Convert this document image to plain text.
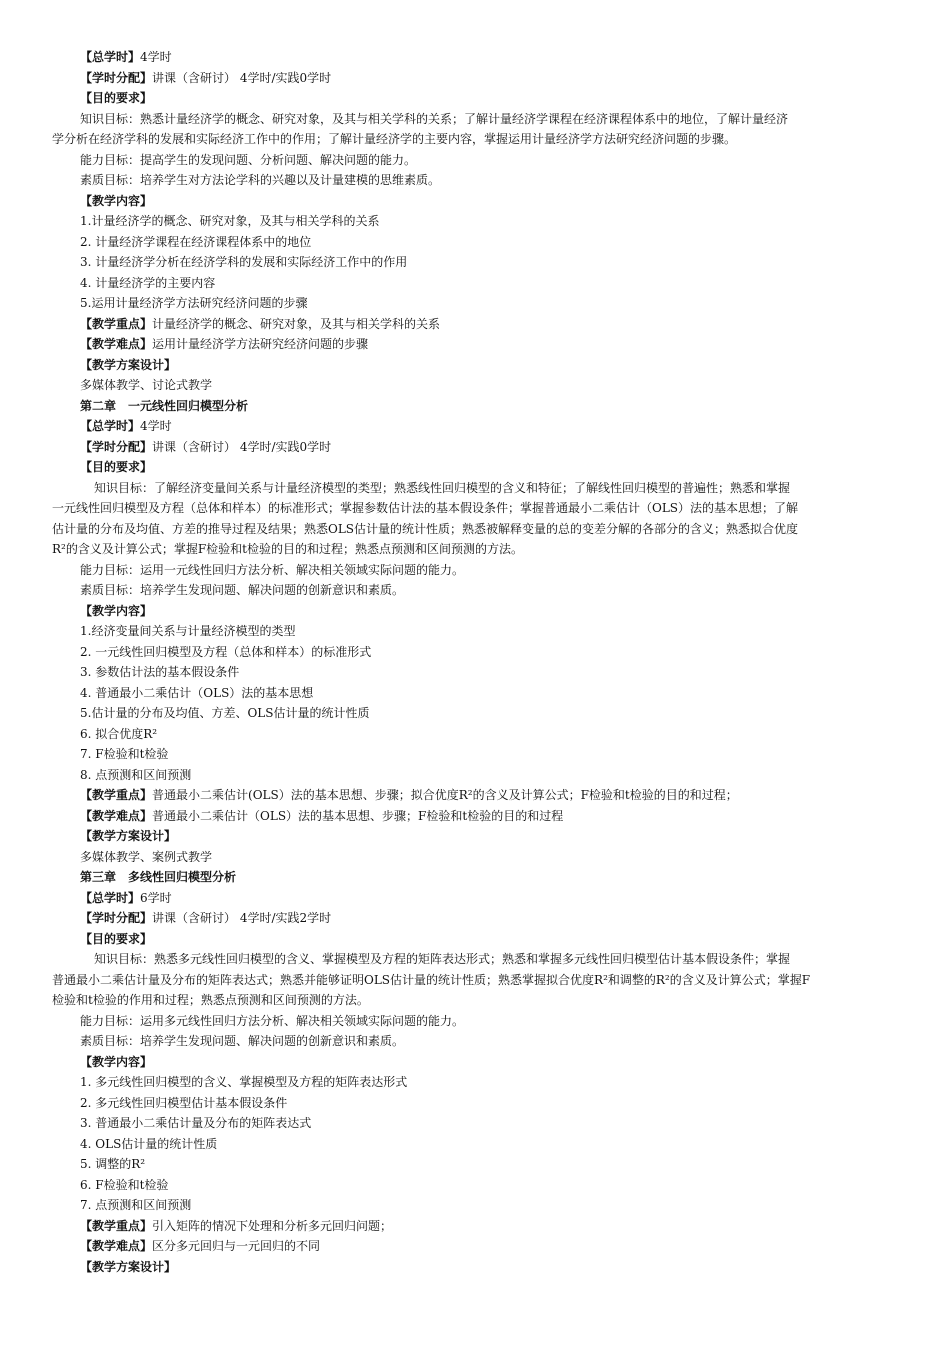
【总学时】4学时
【学时分配】讲课（含研讨） 4学时/实践0学时
【目的要求】
知识目标：熟悉计量经济学的概念、研究对象，及其与相关学科的关系；了解计量经济学课程在经济课程体系中的地位，了解计量经济
学分析在经济学科的发展和实际经济工作中的作用；了解计量经济学的主要内容，掌握运用计量经济学方法研究经济问题的步骤。
能力目标：提高学生的发现问题、分析问题、解决问题的能力。
素质目标：培养学生对方法论学科的兴趣以及计量建模的思维素质。
【教学内容】
1.计量经济学的概念、研究对象，及其与相关学科的关系
2. 计量经济学课程在经济课程体系中的地位
3. 计量经济学分析在经济学科的发展和实际经济工作中的作用
4. 计量经济学的主要内容
5.运用计量经济学方法研究经济问题的步骤
【教学重点】计量经济学的概念、研究对象，及其与相关学科的关系
【教学难点】运用计量经济学方法研究经济问题的步骤
【教学方案设计】
多媒体教学、讨论式教学
第二章　一元线性回归模型分析
【总学时】4学时
【学时分配】讲课（含研讨） 4学时/实践0学时
【目的要求】
知识目标：了解经济变量间关系与计量经济模型的类型；熟悉线性回归模型的含义和特征；了解线性回归模型的普遍性；熟悉和掌握
一元线性回归模型及方程（总体和样本）的标准形式；掌握参数估计法的基本假设条件；掌握普通最小二乘估计（OLS）法的基本思想；了解
估计量的分布及均值、方差的推导过程及结果；熟悉OLS估计量的统计性质；熟悉被解释变量的总的变差分解的各部分的含义；熟悉拟合优度
R²的含义及计算公式；掌握F检验和t检验的目的和过程；熟悉点预测和区间预测的方法。
能力目标：运用一元线性回归方法分析、解决相关领域实际问题的能力。
素质目标：培养学生发现问题、解决问题的创新意识和素质。
【教学内容】
1.经济变量间关系与计量经济模型的类型
2. 一元线性回归模型及方程（总体和样本）的标准形式
3. 参数估计法的基本假设条件
4. 普通最小二乘估计（OLS）法的基本思想
5.估计量的分布及均值、方差、OLS估计量的统计性质
6. 拟合优度R²
7. F检验和t检验
8. 点预测和区间预测
【教学重点】普通最小二乘估计(OLS）法的基本思想、步骤；拟合优度R²的含义及计算公式；F检验和t检验的目的和过程；
【教学难点】普通最小二乘估计（OLS）法的基本思想、步骤；F检验和t检验的目的和过程
【教学方案设计】
多媒体教学、案例式教学
第三章　多线性回归模型分析
【总学时】6学时
【学时分配】讲课（含研讨） 4学时/实践2学时
【目的要求】
知识目标：熟悉多元线性回归模型的含义、掌握模型及方程的矩阵表达形式；熟悉和掌握多元线性回归模型估计基本假设条件；掌握
普通最小二乘估计量及分布的矩阵表达式；熟悉并能够证明OLS估计量的统计性质；熟悉掌握拟合优度R²和调整的R²的含义及计算公式；掌握F
检验和t检验的作用和过程；熟悉点预测和区间预测的方法。
能力目标：运用多元线性回归方法分析、解决相关领域实际问题的能力。
素质目标：培养学生发现问题、解决问题的创新意识和素质。
【教学内容】
1. 多元线性回归模型的含义、掌握模型及方程的矩阵表达形式
2. 多元线性回归模型估计基本假设条件
3. 普通最小二乘估计量及分布的矩阵表达式
4. OLS估计量的统计性质
5. 调整的R²
6. F检验和t检验
7. 点预测和区间预测
【教学重点】引入矩阵的情况下处理和分析多元回归问题；
【教学难点】区分多元回归与一元回归的不同
【教学方案设计】
